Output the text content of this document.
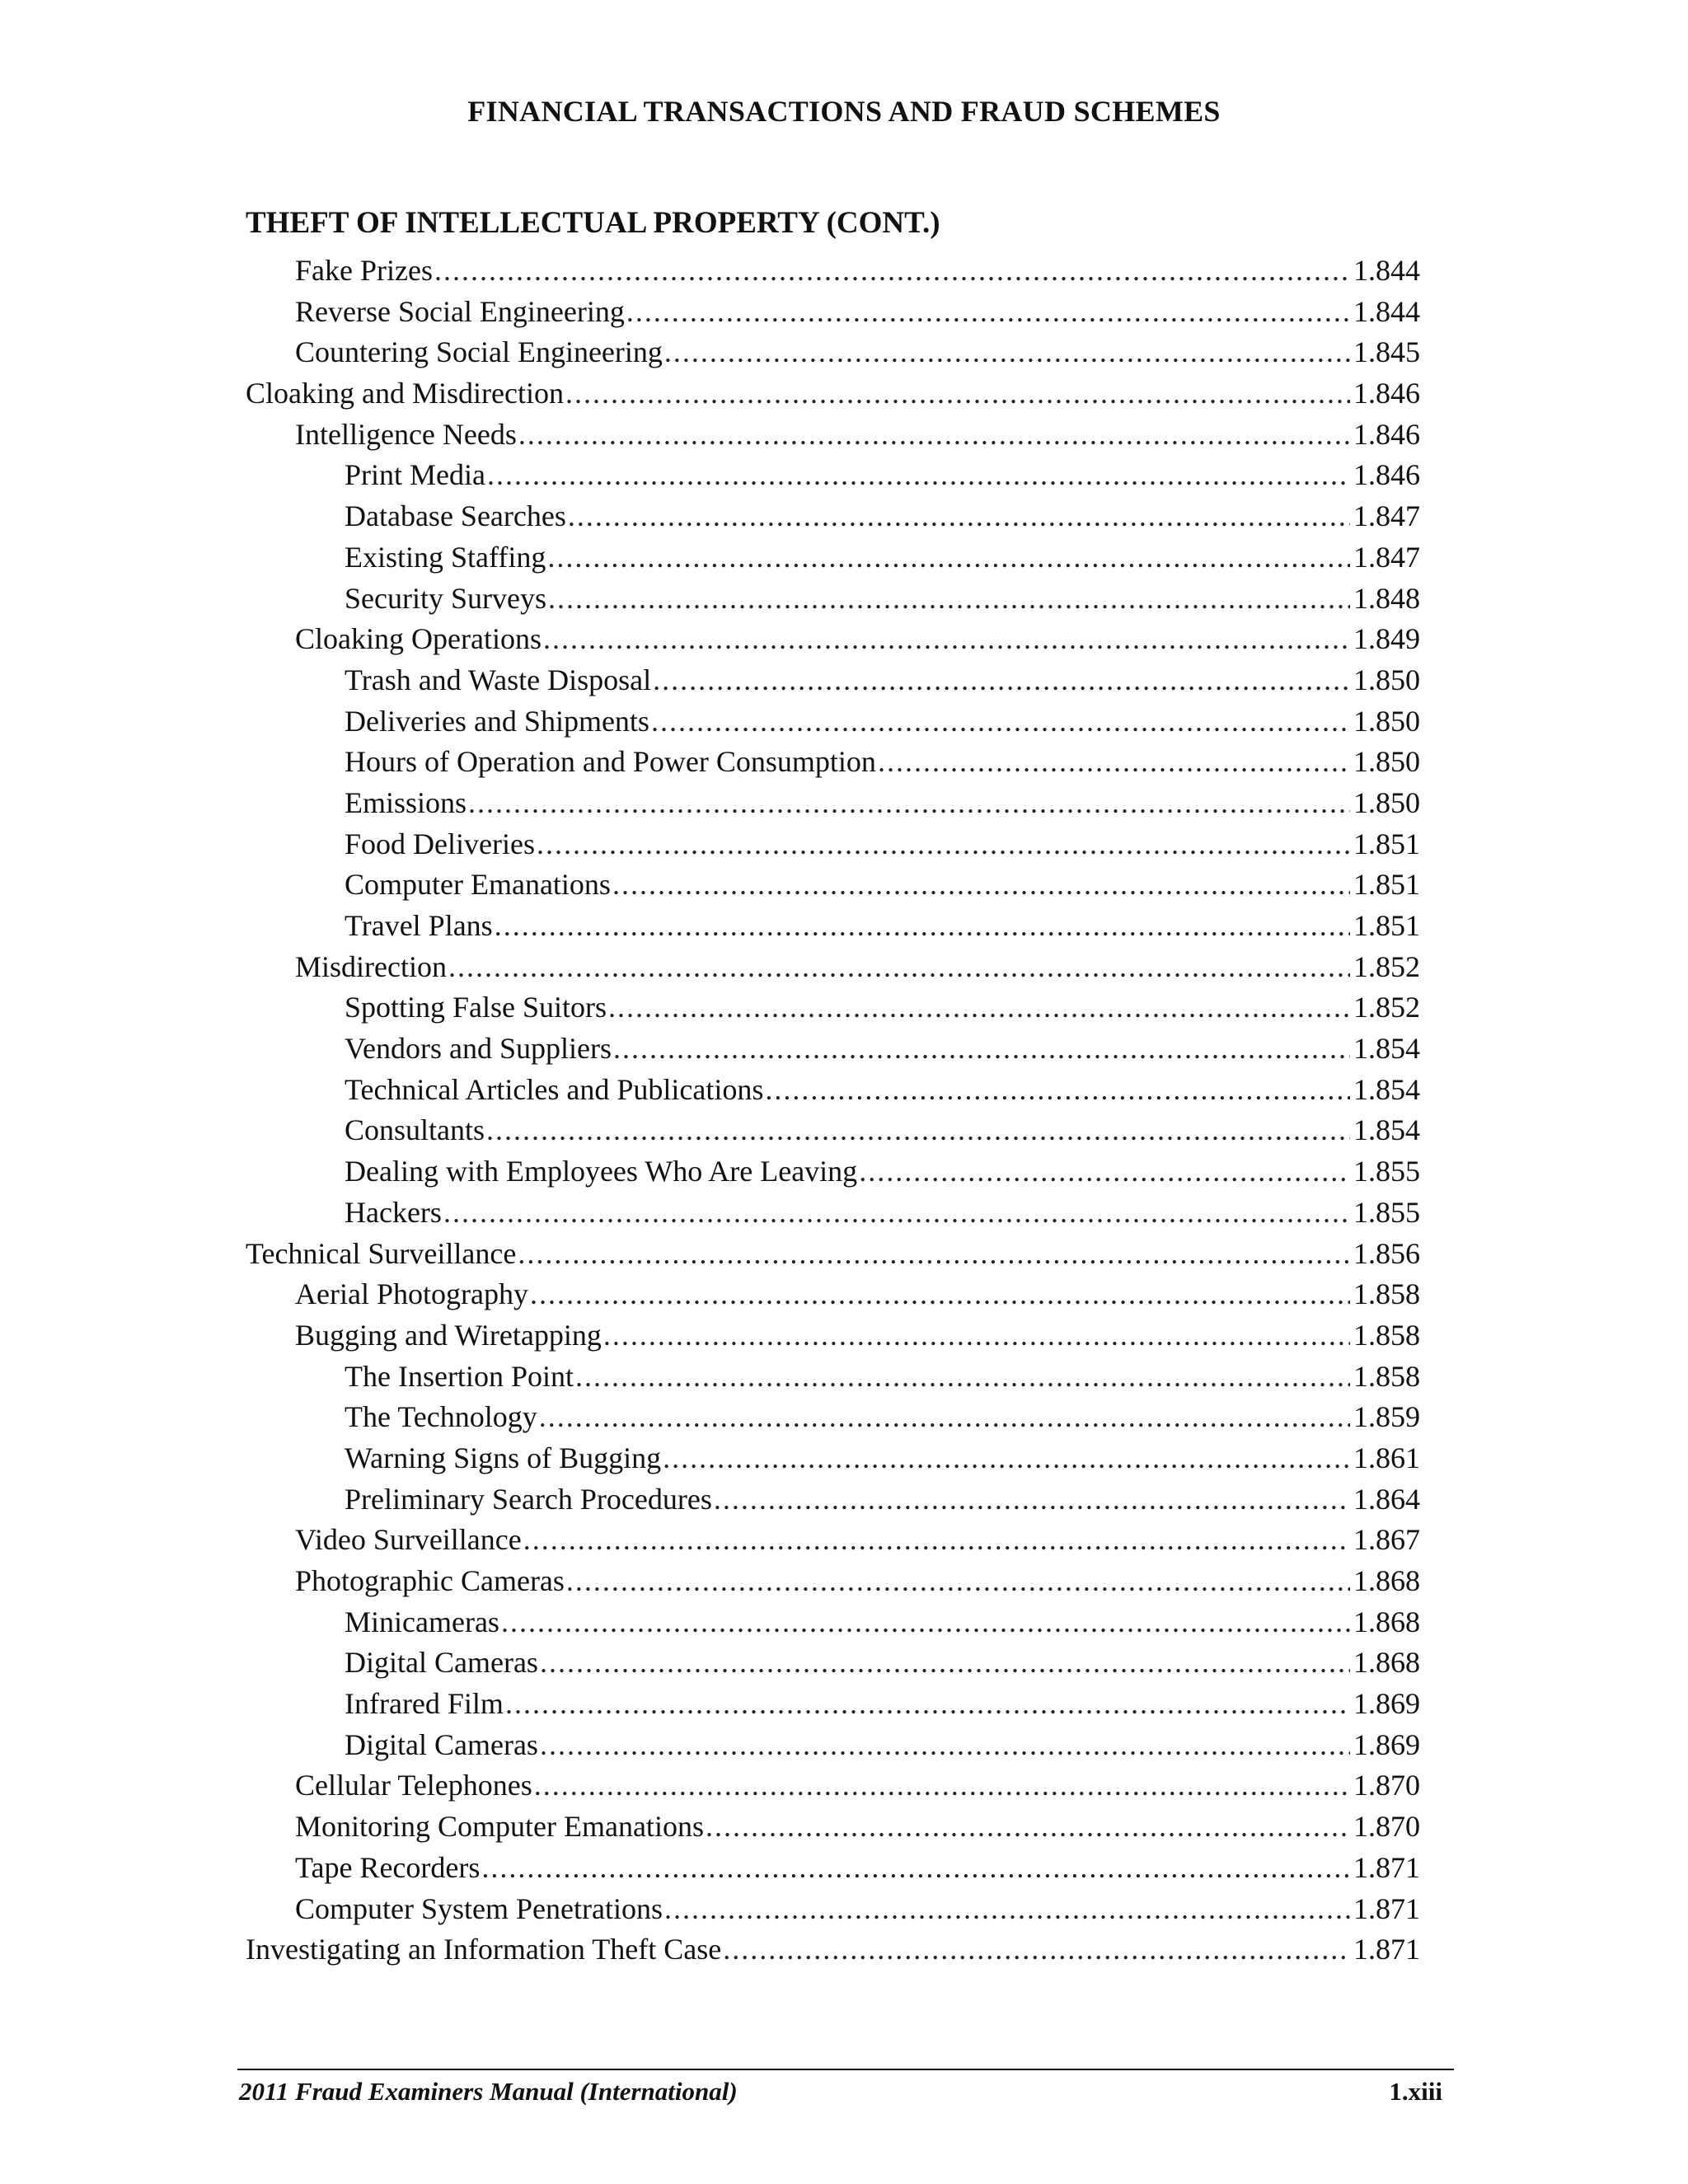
FINANCIAL TRANSACTIONS AND FRAUD SCHEMES
THEFT OF INTELLECTUAL PROPERTY (CONT.)
Fake Prizes .....	1.844
Reverse Social Engineering .....	1.844
Countering Social Engineering .....	1.845
Cloaking and Misdirection .....	1.846
Intelligence Needs .....	1.846
Print Media .....	1.846
Database Searches .....	1.847
Existing Staffing .....	1.847
Security Surveys .....	1.848
Cloaking Operations .....	1.849
Trash and Waste Disposal .....	1.850
Deliveries and Shipments .....	1.850
Hours of Operation and Power Consumption .....	1.850
Emissions .....	1.850
Food Deliveries .....	1.851
Computer Emanations .....	1.851
Travel Plans .....	1.851
Misdirection .....	1.852
Spotting False Suitors .....	1.852
Vendors and Suppliers .....	1.854
Technical Articles and Publications .....	1.854
Consultants .....	1.854
Dealing with Employees Who Are Leaving .....	1.855
Hackers .....	1.855
Technical Surveillance .....	1.856
Aerial Photography .....	1.858
Bugging and Wiretapping .....	1.858
The Insertion Point .....	1.858
The Technology .....	1.859
Warning Signs of Bugging .....	1.861
Preliminary Search Procedures .....	1.864
Video Surveillance .....	1.867
Photographic Cameras .....	1.868
Minicameras .....	1.868
Digital Cameras .....	1.868
Infrared Film .....	1.869
Digital Cameras .....	1.869
Cellular Telephones .....	1.870
Monitoring Computer Emanations .....	1.870
Tape Recorders .....	1.871
Computer System Penetrations .....	1.871
Investigating an Information Theft Case .....	1.871
2011 Fraud Examiners Manual (International)	1.xiii
